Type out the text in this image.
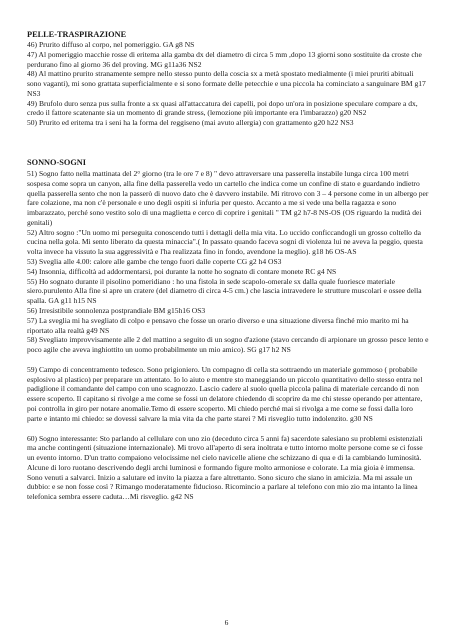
PELLE-TRASPIRAZIONE

46) Prurito diffuso al corpo, nel pomeriggio. GA g8 NS

47) Al pomeriggio macchie rosse di eritema alla gamba dx del diametro di circa 5 mm ,dopo 13 giorni sono sostituite da croste che perdurano fino al giorno 36 del proving. MG g11a36 NS2

48) Al mattino prurito stranamente sempre nello stesso punto della coscia sx a metà spostato medialmente (i miei pruriti abituali sono vaganti), mi sono grattata superficialmente e si sono formate delle petecchie e una piccola ha cominciato a sanguinare BM g17 NS3

49) Brufolo duro senza pus sulla fronte a sx quasi all'attaccatura dei capelli, poi dopo un'ora in posizione speculare compare a dx, credo il fattore scatenante sia un momento di grande stress, (lemozione più importante era l'imbarazzo) g20 NS2

50) Prurito ed eritema tra i seni ha la forma del reggiseno (mai avuto allergia) con grattamento g20 h22 NS3

SONNO-SOGNI

51) Sogno fatto nella mattinata del 2° giorno (tra le ore 7 e 8) " devo attraversare una passerella instabile lunga circa 100 metri sospesa come sopra un canyon, alla fine della passerella vedo un cartello che indica come un confine di stato e guardando indietro quella passerella sento che non la passerò di nuovo dato che è davvero instabile. Mi ritrovo con 3 – 4 persone come in un albergo per fare colazione, ma non c'è personale e uno degli ospiti si infuria per questo. Accanto a me si vede una bella ragazza e sono imbarazzato, perché sono vestito solo di una maglietta e cerco di coprire i genitali " TM g2 h7-8 NS-OS (OS riguardo la nudità dei genitali)

52) Altro sogno :"Un uomo mi perseguita conoscendo tutti i dettagli della mia vita. Lo uccido conficcandogli un grosso coltello da cucina nella gola. Mi sento liberato da questa minaccia".( In passato quando faceva sogni di violenza lui ne aveva la peggio, questa volta invece ha vissuto la sua aggressività e l'ha realizzata fino in fondo, avendone la meglio). g18 h6 OS-AS

53) Sveglia alle 4.00: calore alle gambe che tengo fuori dalle coperte CG g2 h4 OS3

54) Insonnia, difficoltà ad addormentarsi, poi durante la notte ho sognato di contare monete RC g4 NS

55) Ho sognato durante il pisolino pomeridiano : ho una fistola in sede scapolo-omerale sx dalla quale fuoriesce materiale siero.purulento Alla fine si apre un cratere (del diametro di circa 4-5 cm.) che lascia intravedere le strutture muscolari e ossee della spalla. GA g11 h15 NS

56) Irresistibile sonnolenza postprandiale BM g15h16 OS3

57) La sveglia mi ha svegliato di colpo e pensavo che fosse un orario diverso e una situazione diversa finché mio marito mi ha riportato alla realtà g49 NS

58) Svegliato improvvisamente alle 2 del mattino a seguito di un sogno d'azione (stavo cercando di arpionare un grosso pesce lento e poco agile che aveva inghiottito un uomo probabilmente un mio amico). SG g17 h2 NS

59) Campo di concentramento tedesco. Sono prigioniero. Un compagno di cella sta sottraendo un materiale gommoso ( probabile esplosivo al plastico) per preparare un attentato. Io lo aiuto e mentre sto maneggiando un piccolo quantitativo dello stesso entra nel padiglione il comandante del campo con uno scagnozzo. Lascio cadere al suolo quella piccola palina di materiale cercando di non essere scoperto. Il capitano si rivolge a me come se fossi un delatore chiedendo di scoprire da me chi stesse operando per attentare, poi controlla in giro per notare anomalie.Temo di essere scoperto. Mi chiedo perché mai si rivolga a me come se fossi dalla loro parte e intanto mi chiedo: se dovessi salvare la mia vita da che parte starei ? Mi risveglio tutto indolenzito. g30 NS

60) Sogno interessante: Sto parlando al cellulare con uno zio (deceduto circa 5 anni fa) sacerdote salesiano su problemi esistenziali ma anche contingenti (situazione internazionale). Mi trovo all'aperto di sera inoltrata e tutto intorno molte persone come se ci fosse un evento intorno. D'un tratto compaiono velocissime nel cielo navicelle aliene che schizzano di qua e di la cambiando luminosità. Alcune di loro ruotano descrivendo degli archi luminosi e formando figure molto armoniose e colorate. La mia gioia è immensa. Sono venuti a salvarci. Inizio a salutare ed invito la piazza a fare altrettanto. Sono sicuro che siano in amicizia. Ma mi assale un dubbio: e se non fosse così ? Rimango moderatamente fiducioso. Ricomincio a parlare al telefono con mio zio ma intanto la linea telefonica sembra essere caduta…Mi risveglio. g42 NS

6
